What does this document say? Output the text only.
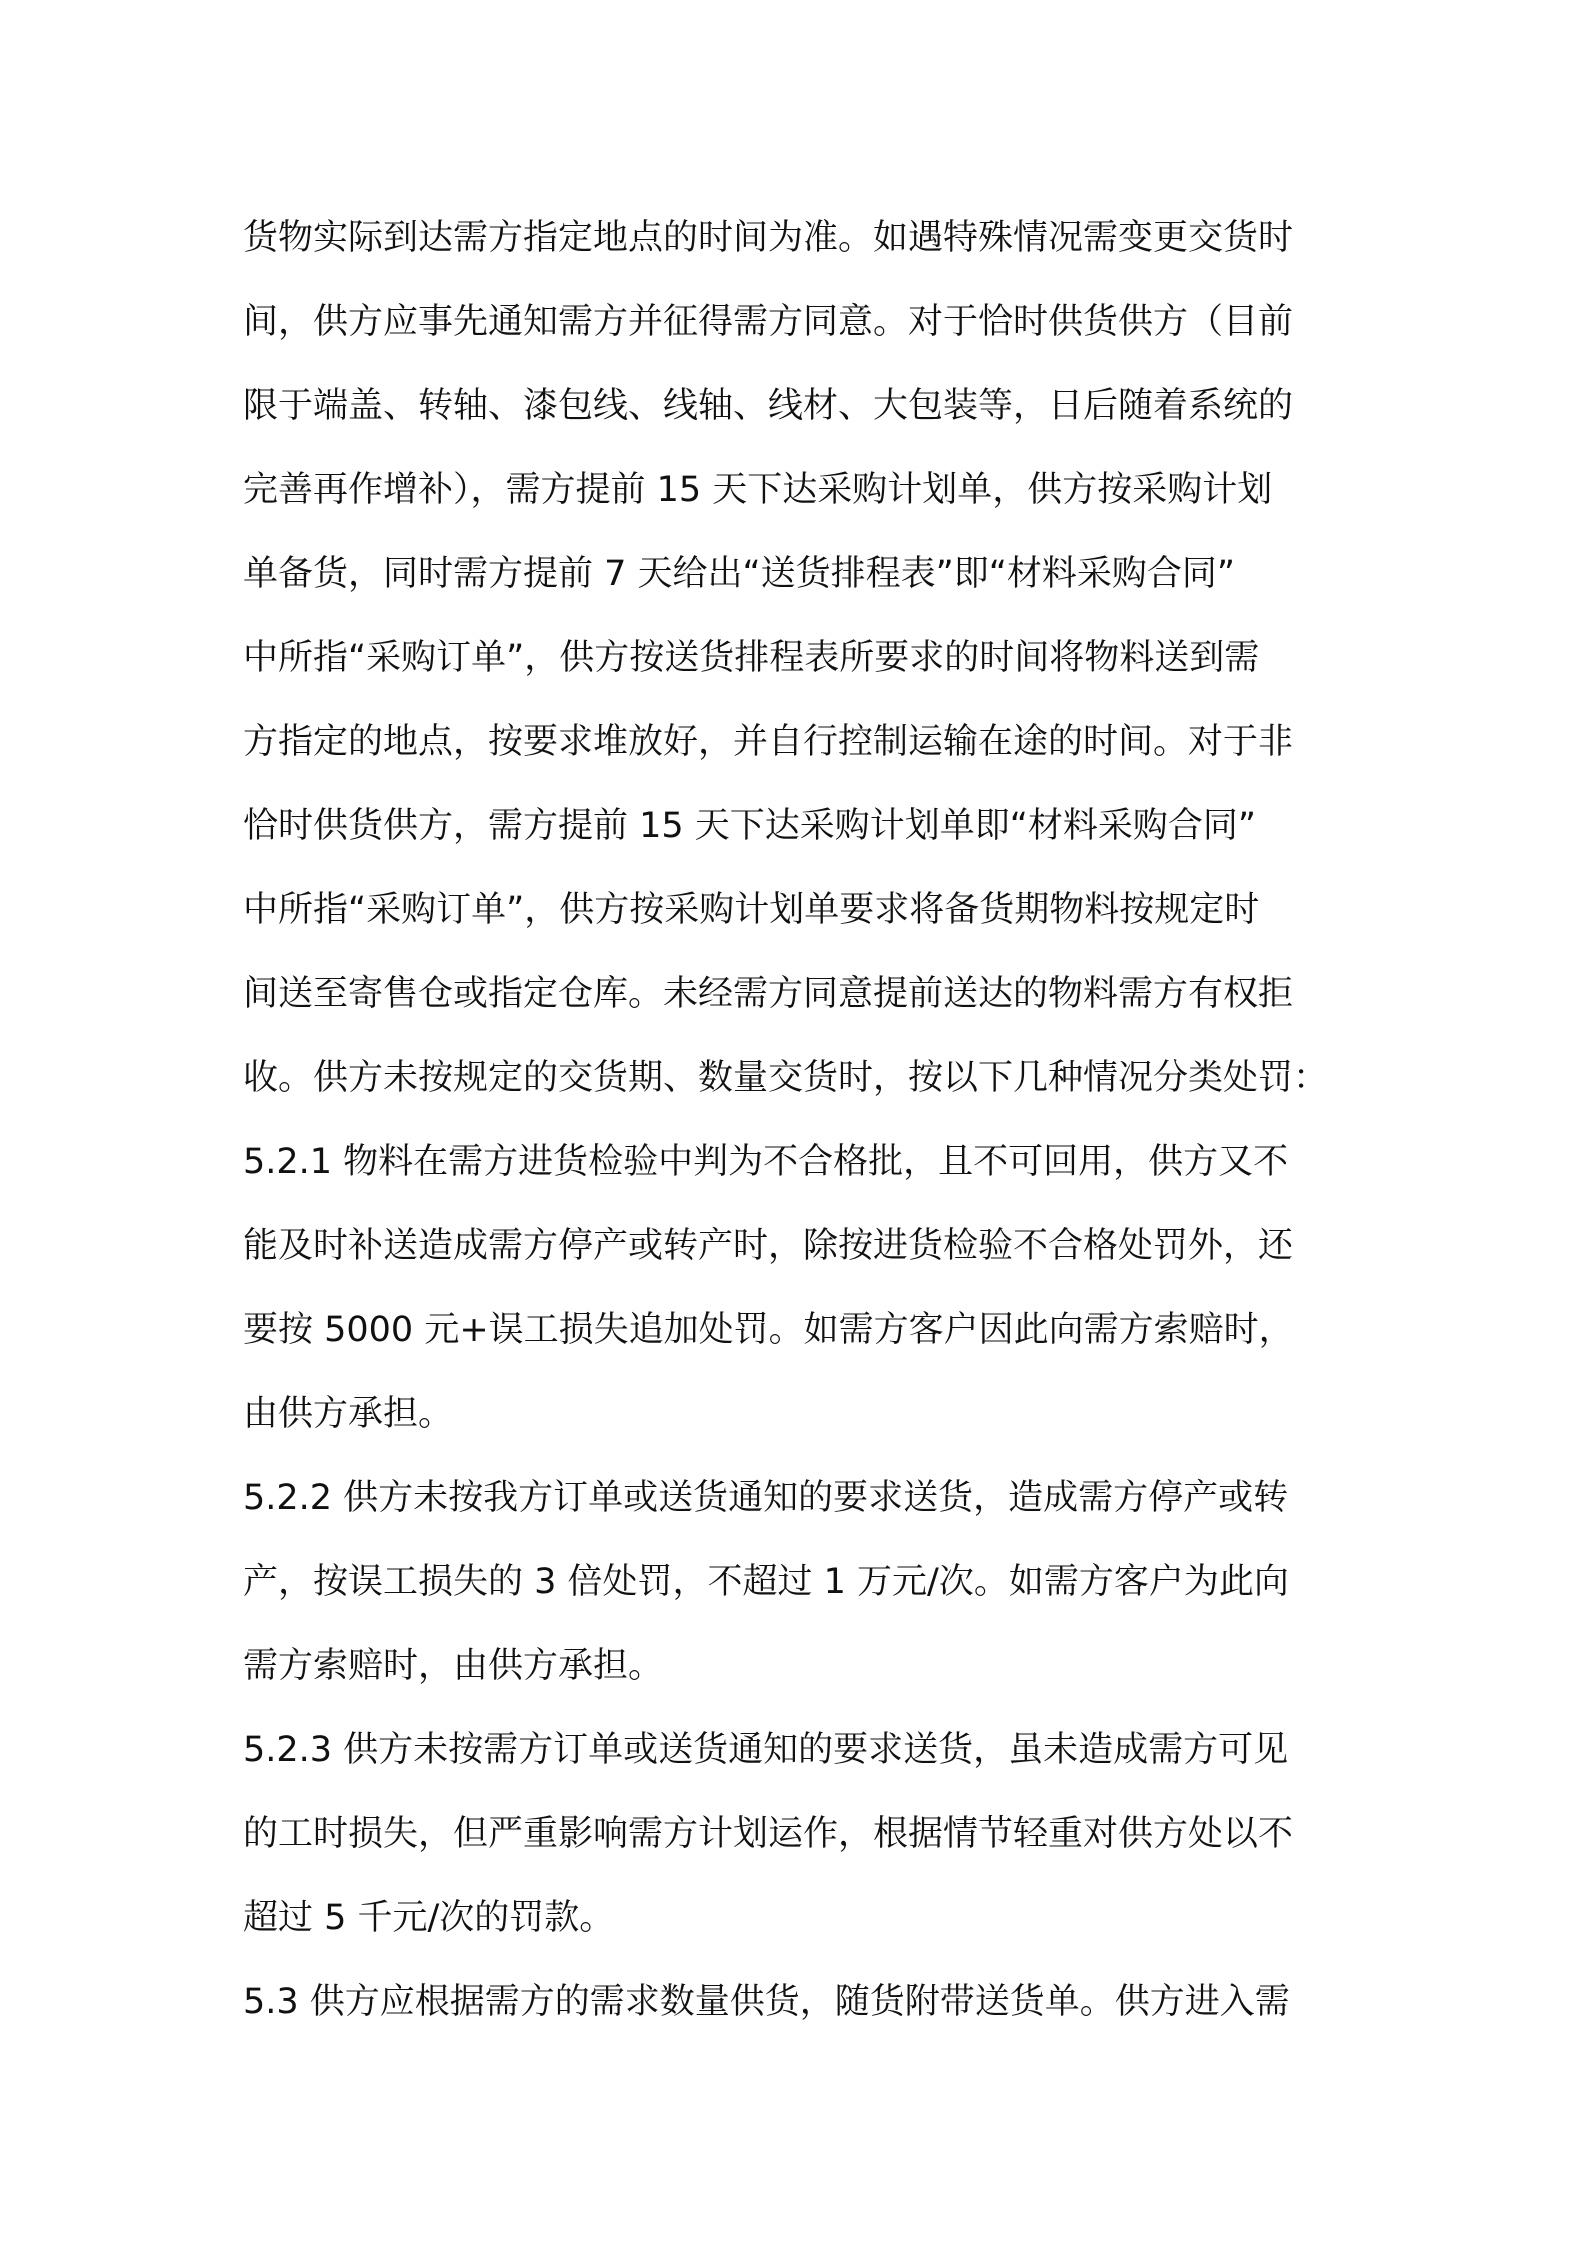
货物实际到达需方指定地点的时间为准。如遇特殊情况需变更交货时
间，供方应事先通知需方并征得需方同意。对于恰时供货供方（目前
限于端盖、转轴、漆包线、线轴、线材、大包装等，日后随着系统的
完善再作增补），需方提前 15 天下达采购计划单，供方按采购计划
单备货，同时需方提前 7 天给出“送货排程表”即“材料采购合同”
中所指“采购订单”，供方按送货排程表所要求的时间将物料送到需
方指定的地点，按要求堆放好，并自行控制运输在途的时间。对于非
恰时供货供方，需方提前 15 天下达采购计划单即“材料采购合同”
中所指“采购订单”，供方按采购计划单要求将备货期物料按规定时
间送至寄售仓或指定仓库。未经需方同意提前送达的物料需方有权拒
收。供方未按规定的交货期、数量交货时，按以下几种情况分类处罚：
5.2.1 物料在需方进货检验中判为不合格批，且不可回用，供方又不
能及时补送造成需方停产或转产时，除按进货检验不合格处罚外，还
要按 5000 元+误工损失追加处罚。如需方客户因此向需方索赔时，
由供方承担。
5.2.2 供方未按我方订单或送货通知的要求送货，造成需方停产或转
产，按误工损失的 3 倍处罚，不超过 1 万元/次。如需方客户为此向
需方索赔时，由供方承担。
5.2.3 供方未按需方订单或送货通知的要求送货，虽未造成需方可见
的工时损失，但严重影响需方计划运作，根据情节轻重对供方处以不
超过 5 千元/次的罚款。
5.3 供方应根据需方的需求数量供货，随货附带送货单。供方进入需
